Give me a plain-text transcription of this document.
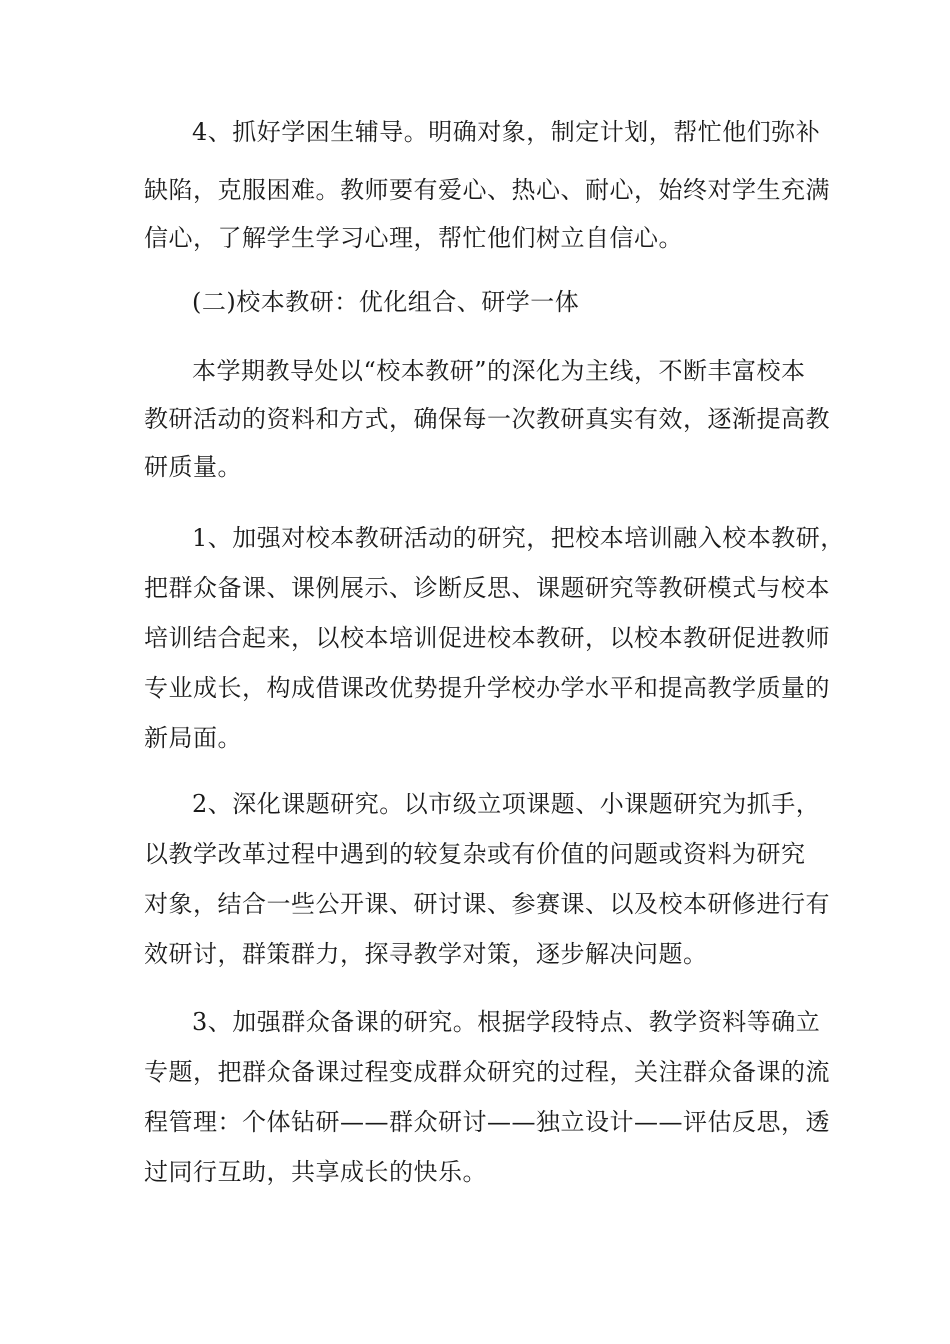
4、抓好学困生辅导。明确对象，制定计划，帮忙他们弥补
缺陷，克服困难。教师要有爱心、热心、耐心，始终对学生充满
信心，了解学生学习心理，帮忙他们树立自信心。
(二)校本教研：优化组合、研学一体
本学期教导处以“校本教研”的深化为主线，不断丰富校本
教研活动的资料和方式，确保每一次教研真实有效，逐渐提高教
研质量。
1、加强对校本教研活动的研究，把校本培训融入校本教研，
把群众备课、课例展示、诊断反思、课题研究等教研模式与校本
培训结合起来，以校本培训促进校本教研，以校本教研促进教师
专业成长，构成借课改优势提升学校办学水平和提高教学质量的
新局面。
2、深化课题研究。以市级立项课题、小课题研究为抓手，
以教学改革过程中遇到的较复杂或有价值的问题或资料为研究
对象，结合一些公开课、研讨课、参赛课、以及校本研修进行有
效研讨，群策群力，探寻教学对策，逐步解决问题。
3、加强群众备课的研究。根据学段特点、教学资料等确立
专题，把群众备课过程变成群众研究的过程，关注群众备课的流
程管理：个体钻研——群众研讨——独立设计——评估反思，透
过同行互助，共享成长的快乐。
